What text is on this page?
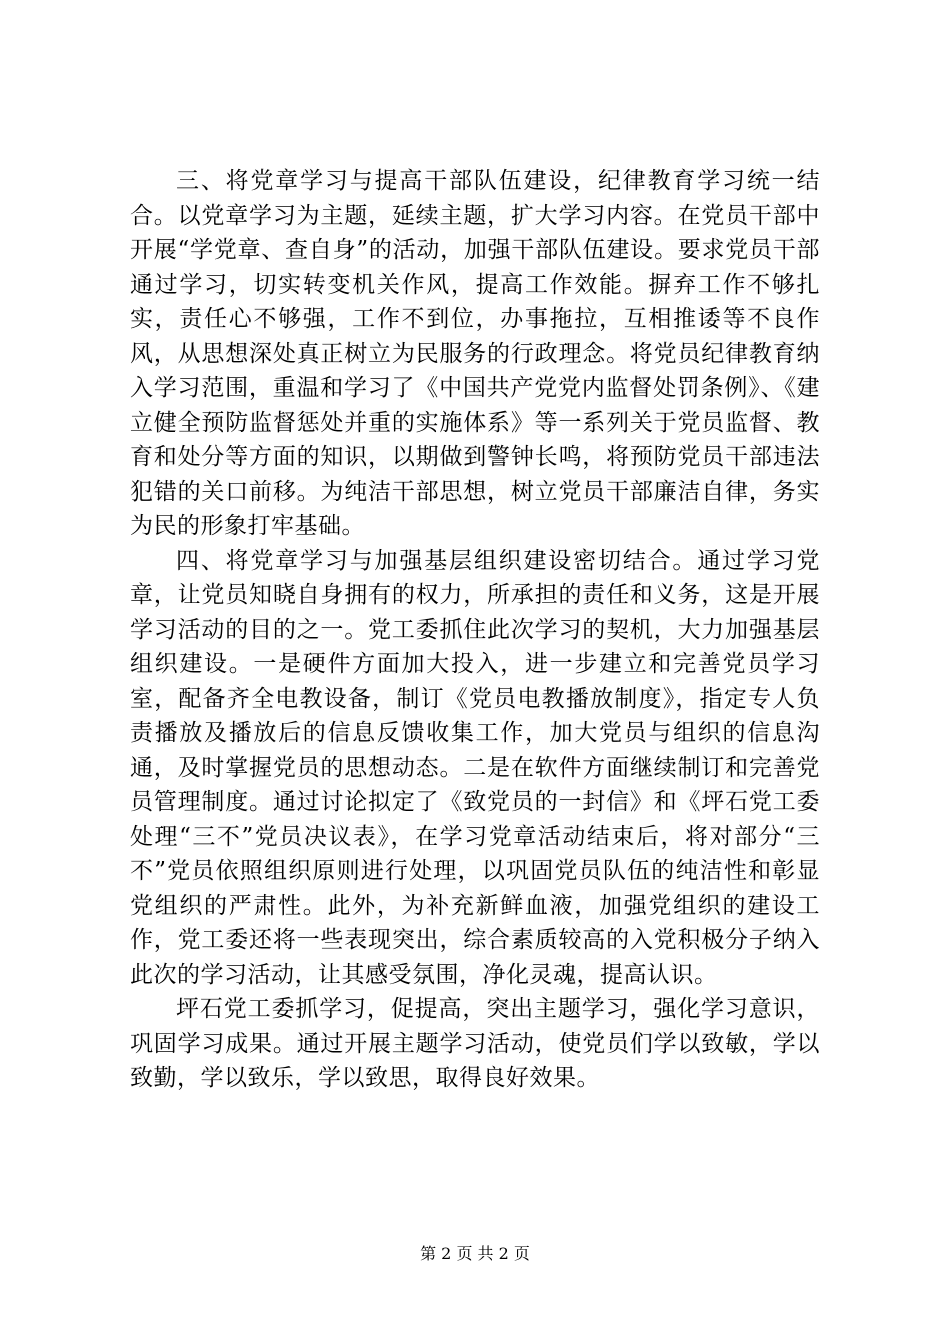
三、将党章学习与提高干部队伍建设，纪律教育学习统一结合。以党章学习为主题，延续主题，扩大学习内容。在党员干部中开展“学党章、查自身”的活动，加强干部队伍建设。要求党员干部通过学习，切实转变机关作风，提高工作效能。摒弃工作不够扎实，责任心不够强，工作不到位，办事拖拉，互相推诿等不良作风，从思想深处真正树立为民服务的行政理念。将党员纪律教育纳入学习范围，重温和学习了《中国共产党党内监督处罚条例》、《建立健全预防监督惩处并重的实施体系》等一系列关于党员监督、教育和处分等方面的知识，以期做到警钟长鸣，将预防党员干部违法犯错的关口前移。为纯洁干部思想，树立党员干部廉洁自律，务实为民的形象打牢基础。

四、将党章学习与加强基层组织建设密切结合。通过学习党章，让党员知晓自身拥有的权力，所承担的责任和义务，这是开展学习活动的目的之一。党工委抓住此次学习的契机，大力加强基层组织建设。一是硬件方面加大投入，进一步建立和完善党员学习室，配备齐全电教设备，制订《党员电教播放制度》，指定专人负责播放及播放后的信息反馈收集工作，加大党员与组织的信息沟通，及时掌握党员的思想动态。二是在软件方面继续制订和完善党员管理制度。通过讨论拟定了《致党员的一封信》和《坪石党工委处理“三不”党员决议表》，在学习党章活动结束后，将对部分“三不”党员依照组织原则进行处理，以巩固党员队伍的纯洁性和彰显党组织的严肃性。此外，为补充新鲜血液，加强党组织的建设工作，党工委还将一些表现突出，综合素质较高的入党积极分子纳入此次的学习活动，让其感受氛围，净化灵魂，提高认识。

坪石党工委抓学习，促提高，突出主题学习，强化学习意识，巩固学习成果。通过开展主题学习活动，使党员们学以致敏，学以致勤，学以致乐，学以致思，取得良好效果。

第 2 页 共 2 页
